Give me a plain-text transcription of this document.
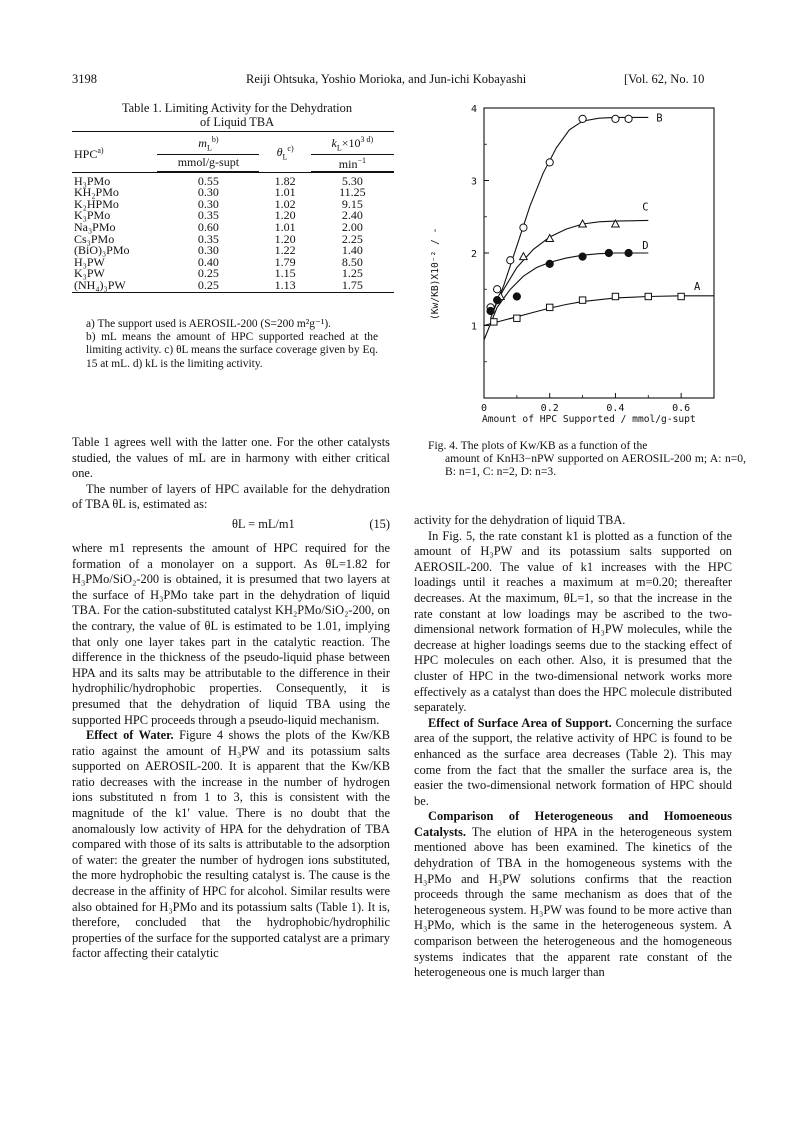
3198	Reiji Ohtsuka, Yoshio Morioka, and Jun-ichi Kobayashi	[Vol. 62, No. 10
Table 1. Limiting Activity for the Dehydration
of Liquid TBA
HPC$^{a)}$	$m_L^{b)}$	$\theta_L^{c)}$	$k_L\times 10^{3 d)}$
	mmol/g-supt		$\min^{-1}$

H₃PMo	0.55	1.82	5.30
KH₂PMo	0.30	1.01	11.25
K₂HPMo	0.30	1.02	9.15
K₃PMo	0.35	1.20	2.40
Na₃PMo	0.60	1.01	2.00
Cs₃PMo	0.35	1.20	2.25
(BiO)₃PMo	0.30	1.22	1.40
H₃PW	0.40	1.79	8.50
K₃PW	0.25	1.15	1.25
(NH₄)₃PW	0.25	1.13	1.75
a) The support used is AEROSIL-200 (S=200 m²g⁻¹).
b) mL means the amount of HPC supported reached at the limiting activity. c) θL means the surface coverage given by Eq. 15 at mL. d) kL is the limiting activity.
0	0.2	0.4	0.6
1
2
3
4
B
C
D
A
Amount of HPC Supported / mmol/g-supt
(Kw/KB)X10⁻² / -
Fig. 4. The plots of Kw/KB as a function of the
amount of KnH3−nPW supported on AEROSIL-200 m; A: n=0, B: n=1, C: n=2, D: n=3.

Table 1 agrees well with the latter one. For the other catalysts studied, the values of mL are in harmony with either critical one.

The number of layers of HPC available for the dehydration of TBA θL is, estimated as:

θL = mL/m1	(15)

where m1 represents the amount of HPC required for the formation of a monolayer on a support. As θL=1.82 for H₃PMo/SiO₂-200 is obtained, it is presumed that two layers at the surface of H₃PMo take part in the dehydration of liquid TBA. For the cation-substituted catalyst KH₂PMo/SiO₂-200, on the contrary, the value of θL is estimated to be 1.01, implying that only one layer takes part in the catalytic reaction. The difference in the thickness of the pseudo-liquid phase between HPA and its salts may be attributable to the difference in their hydrophilic/hydrophobic properties. Consequently, it is presumed that the dehydration of liquid TBA using the supported HPC proceeds through a pseudo-liquid mechanism.

Effect of Water. Figure 4 shows the plots of the Kw/KB ratio against the amount of H₃PW and its potassium salts supported on AEROSIL-200. It is apparent that the Kw/KB ratio decreases with the increase in the number of hydrogen ions substituted n from 1 to 3, this is consistent with the magnitude of the k1' value. There is no doubt that the anomalously low activity of HPA for the dehydration of TBA compared with those of its salts is attributable to the adsorption of water: the greater the number of hydrogen ions substituted, the more hydrophobic the resulting catalyst is. The cause is the decrease in the affinity of HPC for alcohol. Similar results were also obtained for H₃PMo and its potassium salts (Table 1). It is, therefore, concluded that the hydrophobic/hydrophilic properties of the surface for the supported catalyst are a primary factor affecting their catalytic

activity for the dehydration of liquid TBA.

In Fig. 5, the rate constant k1 is plotted as a function of the amount of H₃PW and its potassium salts supported on AEROSIL-200. The value of k1 increases with the HPC loadings until it reaches a maximum at m=0.20; thereafter decreases. At the maximum, θL=1, so that the increase in the rate constant at low loadings may be ascribed to the two-dimensional network formation of H₃PW molecules, while the decrease at higher loadings seems due to the stacking effect of HPC molecules on each other. Also, it is presumed that the cluster of HPC in the two-dimensional network works more effectively as a catalyst than does the HPC molecule distributed separately.

Effect of Surface Area of Support. Concerning the surface area of the support, the relative activity of HPC is found to be enhanced as the surface area decreases (Table 2). This may come from the fact that the smaller the surface area is, the easier the two-dimensional network formation of HPC should be.

Comparison of Heterogeneous and Homoeneous Catalysts. The elution of HPA in the heterogeneous system mentioned above has been examined. The kinetics of the dehydration of TBA in the homogeneous systems with the H₃PMo and H₃PW solutions confirms that the reaction proceeds through the same mechanism as does that of the heterogeneous system. H₃PW was found to be more active than H₃PMo, which is the same in the heterogeneous system. A comparison between the heterogeneous and the homogeneous systems indicates that the apparent rate constant of the heterogeneous one is much larger than
